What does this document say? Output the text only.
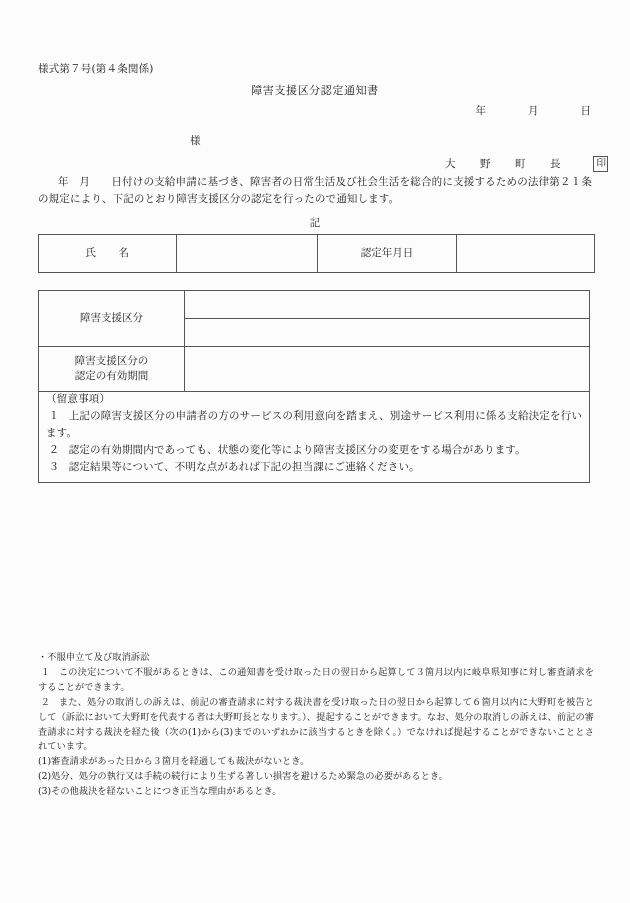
様式第７号(第４条関係)
障害支援区分認定通知書
年　　月　　日
様
大　野　町　長	印
年　月　　日付けの支給申請に基づき、障害者の日常生活及び社会生活を総合的に支援するための法律第２１条の規定により、下記のとおり障害支援区分の認定を行ったので通知します。
記
氏　　名		認定年月日	
障害支援区分	

障害支援区分の
認定の有効期間	

（留意事項）
１ 上記の障害支援区分の申請者の方のサービスの利用意向を踏まえ、別途サービス利用に係る支給決定を行います。
２ 認定の有効期間内であっても、状態の変化等により障害支援区分の変更をする場合があります。
３ 認定結果等について、不明な点があれば下記の担当課にご連絡ください。
・不服申立て及び取消訴訟
１ この決定について不服があるときは、この通知書を受け取った日の翌日から起算して３箇月以内に岐阜県知事に対し審査請求をすることができます。
２ また、処分の取消しの訴えは、前記の審査請求に対する裁決書を受け取った日の翌日から起算して６箇月以内に大野町を被告として（訴訟において大野町を代表する者は大野町長となります。）、提起することができます。なお、処分の取消しの訴えは、前記の審査請求に対する裁決を経た後（次の(1)から(3)までのいずれかに該当するときを除く。）でなければ提起することができないこととされています。
(1)審査請求があった日から３箇月を経過しても裁決がないとき。
(2)処分、処分の執行又は手続の続行により生ずる著しい損害を避けるため緊急の必要があるとき。
(3)その他裁決を経ないことにつき正当な理由があるとき。
